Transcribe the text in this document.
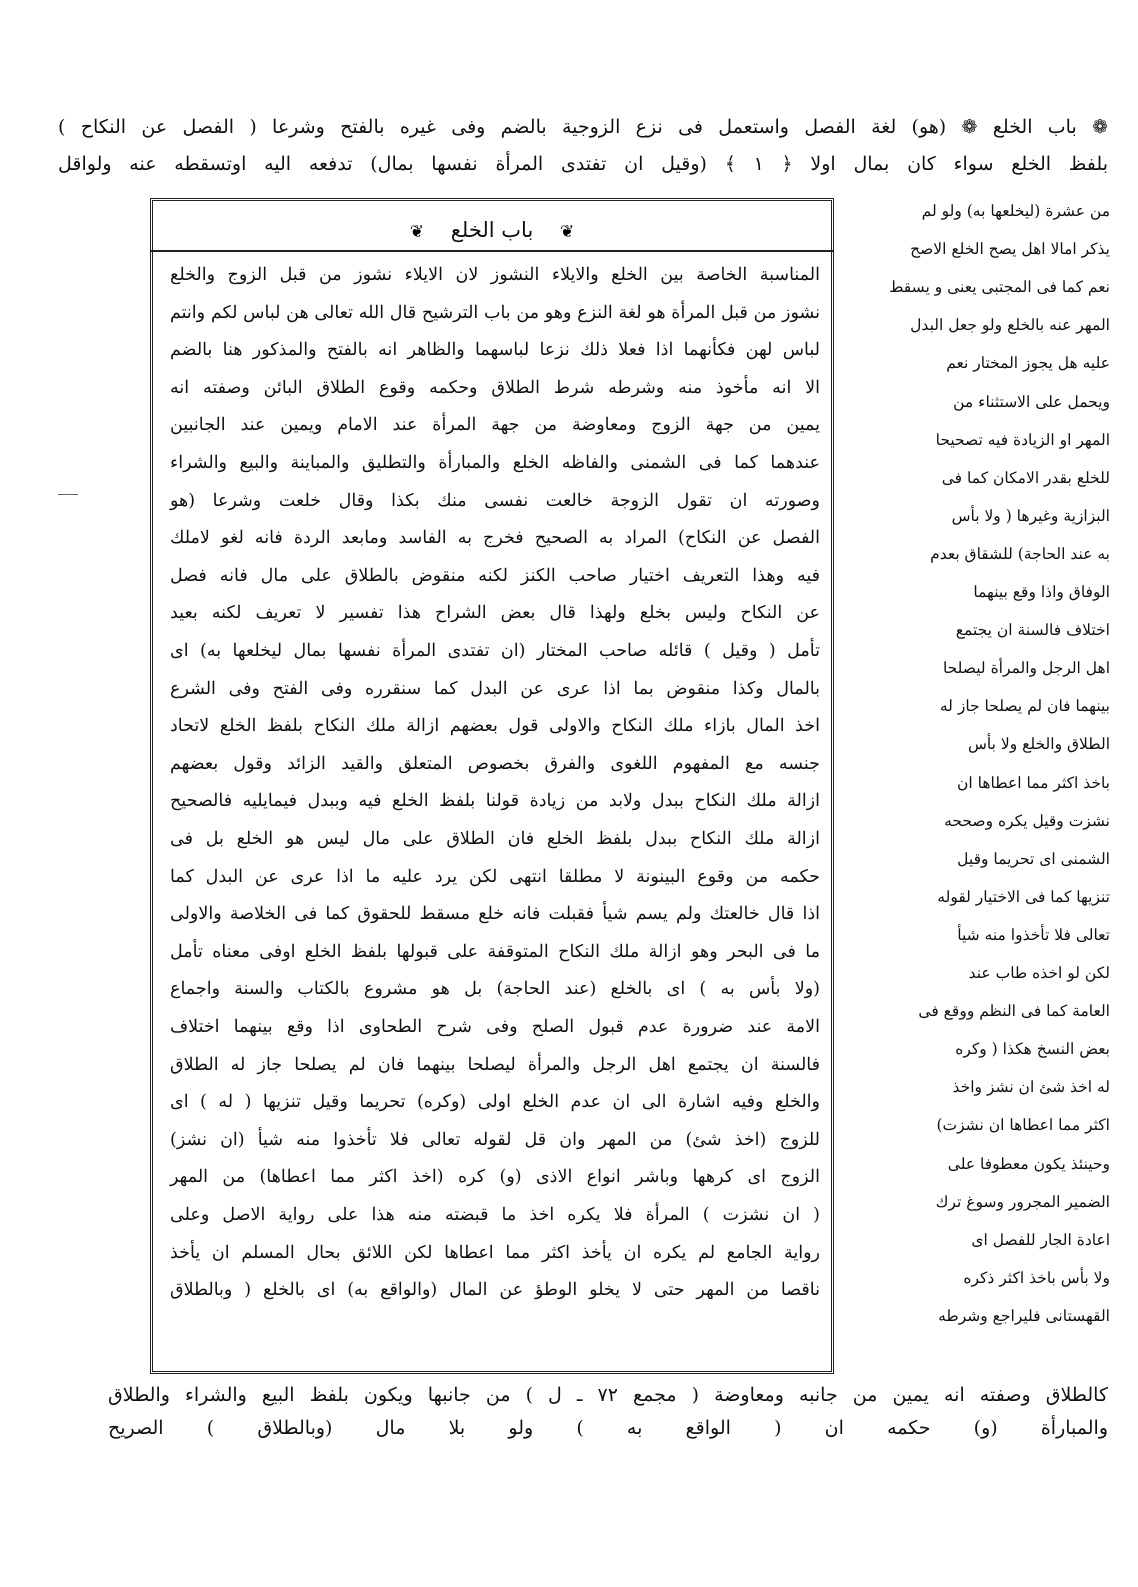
❁ باب الخلع ❁ (هو) لغة الفصل واستعمل فى نزع الزوجية بالضم وفى غيره بالفتح وشرعا ( الفصل عن النكاح )
بلفظ الخلع سواء كان بمال اولا ﴿ ١ ﴾ (وقيل ان تفتدى المرأة نفسها بمال) تدفعه اليه اوتسقطه عنه ولواقل
❦ باب الخلع ❦
المناسبة الخاصة بين الخلع والايلاء النشوز لان الايلاء نشوز من قبل الزوج والخلع
نشوز من قبل المرأة هو لغة النزع وهو من باب الترشيح قال الله تعالى هن لباس لكم وانتم
لباس لهن فكأنهما اذا فعلا ذلك نزعا لباسهما والظاهر انه بالفتح والمذكور هنا بالضم
الا انه مأخوذ منه وشرطه شرط الطلاق وحكمه وقوع الطلاق البائن وصفته انه
يمين من جهة الزوج ومعاوضة من جهة المرأة عند الامام ويمين عند الجانبين
عندهما كما فى الشمنى والفاظه الخلع والمبارأة والتطليق والمباينة والبيع والشراء
وصورته ان تقول الزوجة خالعت نفسى منك بكذا وقال خلعت وشرعا (هو
الفصل عن النكاح) المراد به الصحيح فخرج به الفاسد ومابعد الردة فانه لغو لاملك
فيه وهذا التعريف اختيار صاحب الكنز لكنه منقوض بالطلاق على مال فانه فصل
عن النكاح وليس بخلع ولهذا قال بعض الشراح هذا تفسير لا تعريف لكنه بعيد
تأمل ( وقيل ) قائله صاحب المختار (ان تفتدى المرأة نفسها بمال ليخلعها به) اى
بالمال وكذا منقوض بما اذا عرى عن البدل كما سنقرره وفى الفتح وفى الشرع
اخذ المال بازاء ملك النكاح والاولى قول بعضهم ازالة ملك النكاح بلفظ الخلع لاتحاد
جنسه مع المفهوم اللغوى والفرق بخصوص المتعلق والقيد الزائد وقول بعضهم
ازالة ملك النكاح ببدل ولابد من زيادة قولنا بلفظ الخلع فيه وببدل فيمايليه فالصحيح
ازالة ملك النكاح ببدل بلفظ الخلع فان الطلاق على مال ليس هو الخلع بل فى
حكمه من وقوع البينونة لا مطلقا انتهى لكن يرد عليه ما اذا عرى عن البدل كما
اذا قال خالعتك ولم يسم شيأ فقبلت فانه خلع مسقط للحقوق كما فى الخلاصة والاولى
ما فى البحر وهو ازالة ملك النكاح المتوقفة على قبولها بلفظ الخلع اوفى معناه تأمل
(ولا بأس به ) اى بالخلع (عند الحاجة) بل هو مشروع بالكتاب والسنة واجماع
الامة عند ضرورة عدم قبول الصلح وفى شرح الطحاوى اذا وقع بينهما اختلاف
فالسنة ان يجتمع اهل الرجل والمرأة ليصلحا بينهما فان لم يصلحا جاز له الطلاق
والخلع وفيه اشارة الى ان عدم الخلع اولى (وكره) تحريما وقيل تنزيها ( له ) اى
للزوج (اخذ شئ) من المهر وان قل لقوله تعالى فلا تأخذوا منه شيأ (ان نشز)
الزوج اى كرهها وباشر انواع الاذى (و) كره (اخذ اكثر مما اعطاها) من المهر
( ان نشزت ) المرأة فلا يكره اخذ ما قبضته منه هذا على رواية الاصل وعلى
رواية الجامع لم يكره ان يأخذ اكثر مما اعطاها لكن اللائق بحال المسلم ان يأخذ
ناقصا من المهر حتى لا يخلو الوطؤ عن المال (والواقع به) اى بالخلع ( وبالطلاق
من عشرة (ليخلعها به) ولو لم
يذكر امالا اهل يصح الخلع الاصح
نعم كما فى المجتبى يعنى و يسقط
المهر عنه بالخلع ولو جعل البدل
عليه هل يجوز المختار نعم
ويحمل على الاستثناء من
المهر او الزيادة فيه تصحيحا
للخلع بقدر الامكان كما فى
البزازية وغيرها ( ولا بأس
به عند الحاجة) للشقاق بعدم
الوفاق واذا وقع بينهما
اختلاف فالسنة ان يجتمع
اهل الرجل والمرأة ليصلحا
بينهما فان لم يصلحا جاز له
الطلاق والخلع ولا بأس
باخذ اكثر مما اعطاها ان
نشزت وقيل يكره وصححه
الشمنى اى تحريما وقيل
تنزيها كما فى الاختيار لقوله
تعالى فلا تأخذوا منه شيأ
لكن لو اخذه طاب عند
العامة كما فى النظم ووقع فى
بعض النسخ هكذا ( وكره
له اخذ شئ ان نشز واخذ
اكثر مما اعطاها ان نشزت)
وحينئذ يكون معطوفا على
الضمير المجرور وسوغ ترك
اعادة الجار للفصل اى
ولا بأس باخذ اكثر ذكره
القهستانى فليراجع وشرطه
كالطلاق وصفته انه يمين من جانبه ومعاوضة ( مجمع ٧٢ ـ ل ) من جانبها ويكون بلفظ البيع والشراء والطلاق
والمبارأة (و) حكمه ان ( الواقع به ) ولو بلا مال (وبالطلاق ) الصريح
